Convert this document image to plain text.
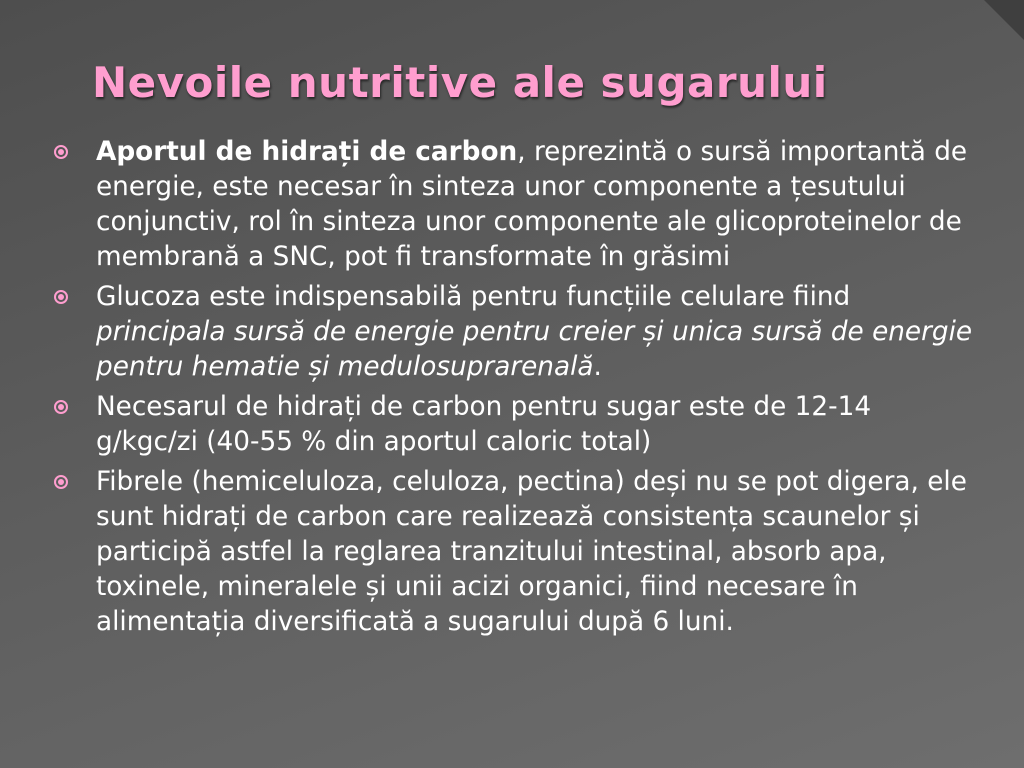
Nevoile nutritive ale sugarului
Aportul de hidrați de carbon, reprezintă o sursă importantă de energie, este necesar în sinteza unor componente a țesutului conjunctiv, rol în sinteza unor componente ale glicoproteinelor de membrană a SNC, pot fi transformate în grăsimi
Glucoza este indispensabilă pentru funcțiile celulare fiind principala sursă de energie pentru creier și unica sursă de energie pentru hematie și medulosuprarenală.
Necesarul de hidrați de carbon pentru sugar este de 12-14 g/kgc/zi (40-55 % din aportul caloric total)
Fibrele (hemiceluloza, celuloza, pectina) deși nu se pot digera, ele sunt hidrați de carbon care realizează consistența scaunelor și participă astfel la reglarea tranzitului intestinal, absorb apa, toxinele, mineralele și unii acizi organici, fiind necesare în alimentația diversificată a sugarului după 6 luni.
